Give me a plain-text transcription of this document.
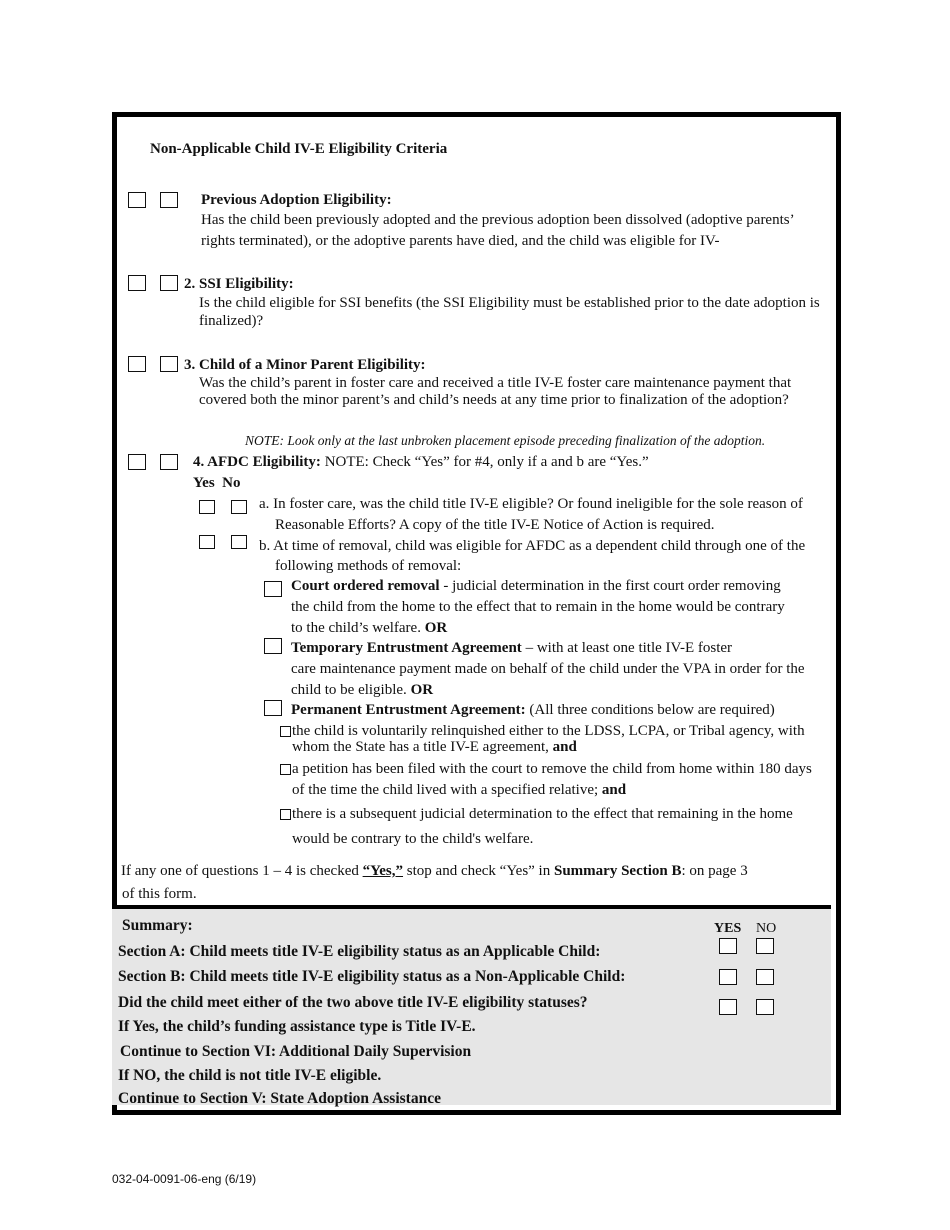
Non-Applicable Child IV-E Eligibility Criteria
Previous Adoption Eligibility:
Has the child been previously adopted and the previous adoption been dissolved (adoptive parents’
rights terminated), or the adoptive parents have died, and the child was eligible for IV-
2. SSI Eligibility:
Is the child eligible for SSI benefits (the SSI Eligibility must be established prior to the date adoption is
finalized)?
3. Child of a Minor Parent Eligibility:
Was the child’s parent in foster care and received a title IV-E foster care maintenance payment that
covered both the minor parent’s and child’s needs at any time prior to finalization of the adoption?
NOTE: Look only at the last unbroken placement episode preceding finalization of the adoption.
4. AFDC Eligibility: NOTE: Check “Yes” for #4, only if a and b are “Yes.”
Yes  No
a. In foster care, was the child title IV-E eligible? Or found ineligible for the sole reason of
Reasonable Efforts? A copy of the title IV-E Notice of Action is required.
b. At time of removal, child was eligible for AFDC as a dependent child through one of the
following methods of removal:
Court ordered removal - judicial determination in the first court order removing
the child from the home to the effect that to remain in the home would be contrary
to the child’s welfare. OR
Temporary Entrustment Agreement – with at least one title IV-E foster
care maintenance payment made on behalf of the child under the VPA in order for the
child to be eligible. OR
Permanent Entrustment Agreement: (All three conditions below are required)
the child is voluntarily relinquished either to the LDSS, LCPA, or Tribal agency, with
whom the State has a title IV-E agreement, and
a petition has been filed with the court to remove the child from home within 180 days
of the time the child lived with a specified relative; and
there is a subsequent judicial determination to the effect that remaining in the home
would be contrary to the child's welfare.
If any one of questions 1 – 4 is checked “Yes,” stop and check “Yes” in Summary Section B: on page 3
of this form.
Summary:	YES NO
Section A: Child meets title IV-E eligibility status as an Applicable Child:
Section B: Child meets title IV-E eligibility status as a Non-Applicable Child:
Did the child meet either of the two above title IV-E eligibility statuses?
If Yes, the child’s funding assistance type is Title IV-E.
Continue to Section VI: Additional Daily Supervision
If NO, the child is not title IV-E eligible.
Continue to Section V: State Adoption Assistance
032-04-0091-06-eng (6/19)
